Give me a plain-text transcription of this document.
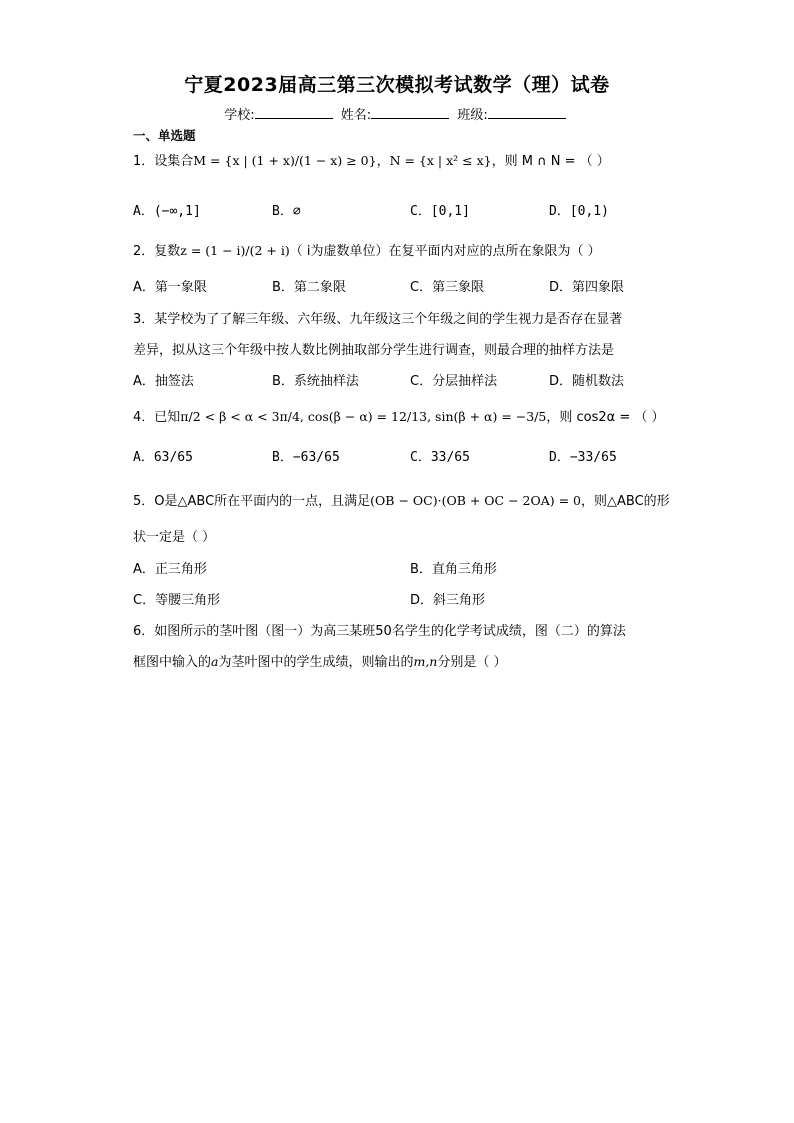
宁夏2023届高三第三次模拟考试数学（理）试卷
学校:	姓名:	班级:
一、单选题
1．设集合M = {x | (1 + x)/(1 − x) ≥ 0}，N = {x | x² ≤ x}，则 M ∩ N = （ ）
A．(−∞,1]	B．∅	C．[0,1]	D．[0,1)
2．复数z = (1 − i)/(2 + i)（ i为虚数单位）在复平面内对应的点所在象限为（ ）
A．第一象限	B．第二象限	C．第三象限	D．第四象限
3．某学校为了了解三年级、六年级、九年级这三个年级之间的学生视力是否存在显著
差异，拟从这三个年级中按人数比例抽取部分学生进行调查，则最合理的抽样方法是
A．抽签法	B．系统抽样法	C．分层抽样法	D．随机数法
4．已知π/2 < β < α < 3π/4, cos(β − α) = 12/13, sin(β + α) = −3/5，则 cos2α = （ ）
A．63/65	B．−63/65	C．33/65	D．−33/65
5．O是△ABC所在平面内的一点，且满足(OB − OC)·(OB + OC − 2OA) = 0，则△ABC的形
状一定是（ ）
A．正三角形	B．直角三角形
C．等腰三角形	D．斜三角形
6．如图所示的茎叶图（图一）为高三某班50名学生的化学考试成绩，图（二）的算法
框图中输入的a为茎叶图中的学生成绩，则输出的m,n分别是（ ）
